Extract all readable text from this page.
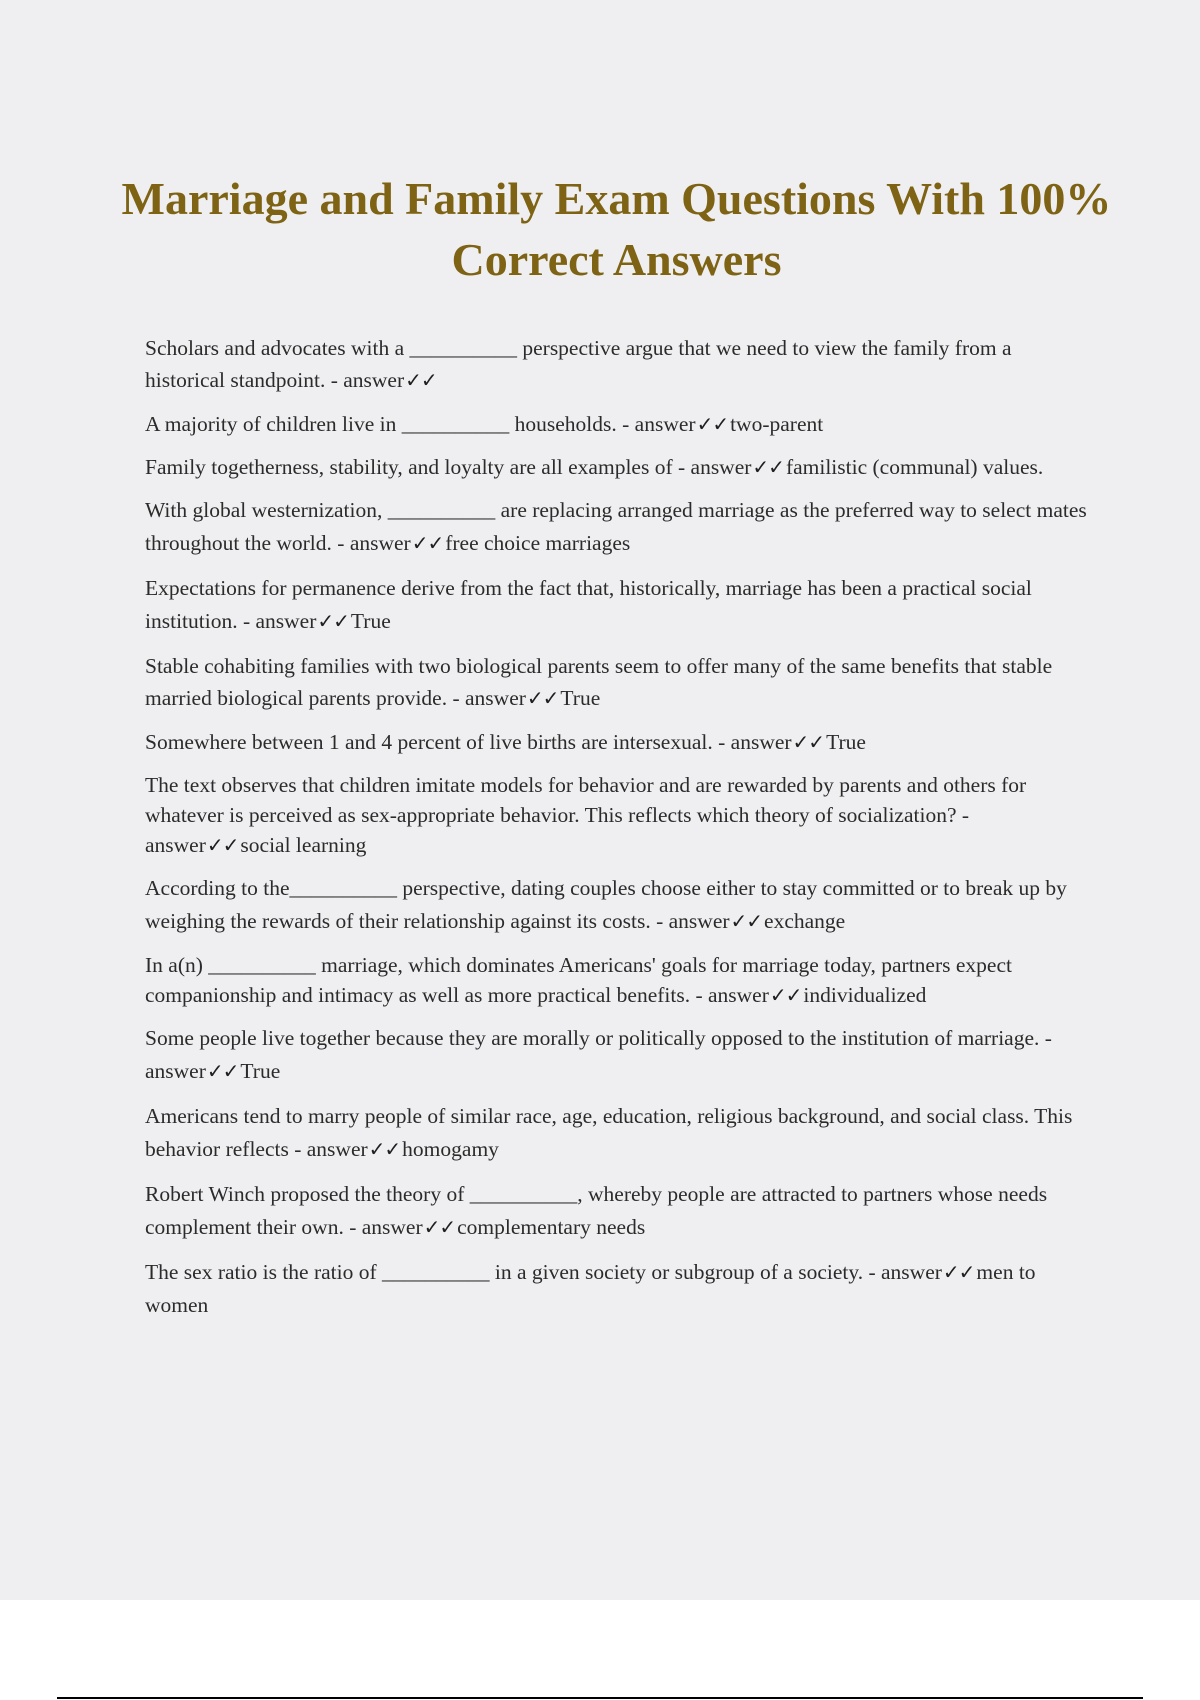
Marriage and Family Exam Questions With 100% Correct Answers

Scholars and advocates with a __________ perspective argue that we need to view the family from a historical standpoint. - answer✓✓

A majority of children live in __________ households. - answer✓✓two-parent

Family togetherness, stability, and loyalty are all examples of - answer✓✓familistic (communal) values.

With global westernization, __________ are replacing arranged marriage as the preferred way to select mates throughout the world. - answer✓✓free choice marriages

Expectations for permanence derive from the fact that, historically, marriage has been a practical social institution. - answer✓✓True

Stable cohabiting families with two biological parents seem to offer many of the same benefits that stable married biological parents provide. - answer✓✓True

Somewhere between 1 and 4 percent of live births are intersexual. - answer✓✓True

The text observes that children imitate models for behavior and are rewarded by parents and others for whatever is perceived as sex-appropriate behavior. This reflects which theory of socialization? - answer✓✓social learning

According to the__________ perspective, dating couples choose either to stay committed or to break up by weighing the rewards of their relationship against its costs. - answer✓✓exchange

In a(n) __________ marriage, which dominates Americans' goals for marriage today, partners expect companionship and intimacy as well as more practical benefits. - answer✓✓individualized

Some people live together because they are morally or politically opposed to the institution of marriage. - answer✓✓True

Americans tend to marry people of similar race, age, education, religious background, and social class. This behavior reflects - answer✓✓homogamy

Robert Winch proposed the theory of __________, whereby people are attracted to partners whose needs complement their own. - answer✓✓complementary needs

The sex ratio is the ratio of __________ in a given society or subgroup of a society. - answer✓✓men to women
